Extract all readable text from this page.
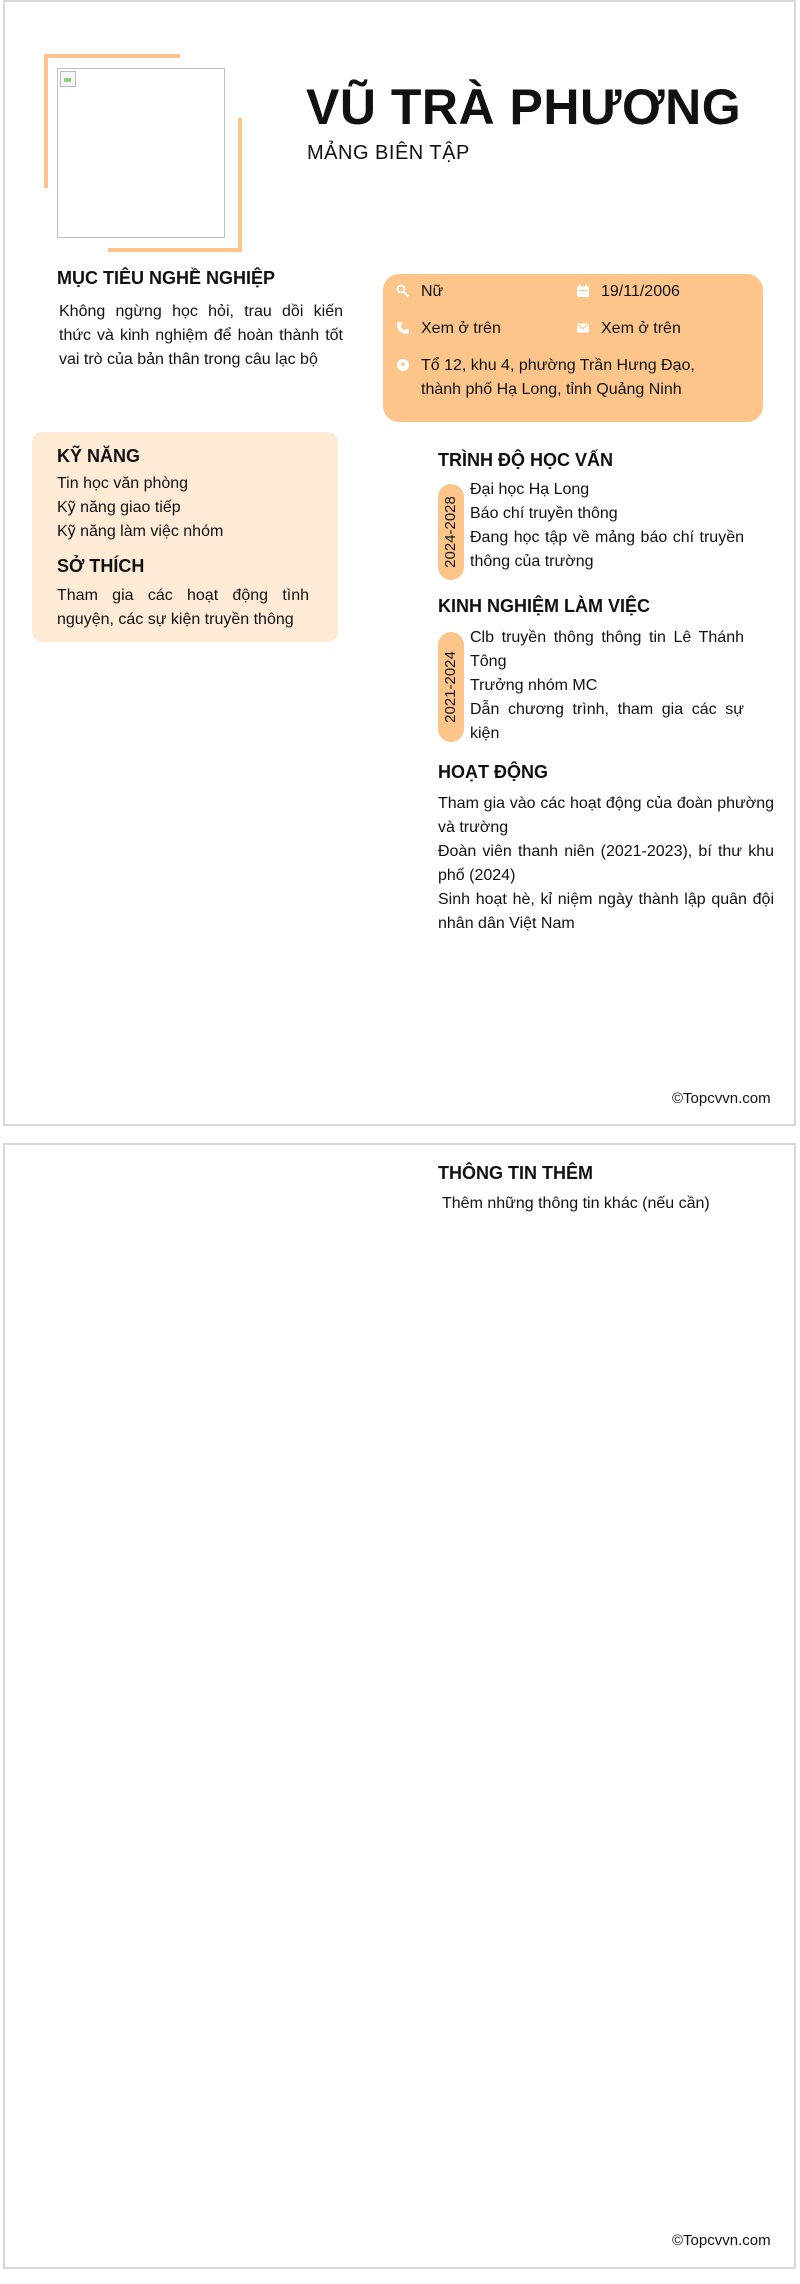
VŨ TRÀ PHƯƠNG
MẢNG BIÊN TẬP
MỤC TIÊU NGHỀ NGHIỆP
Không ngừng học hỏi, trau dồi kiến thức và kinh nghiệm để hoàn thành tốt vai trò của bản thân trong câu lạc bộ
Nữ	19/11/2006
Xem ở trên	Xem ở trên
Tổ 12, khu 4, phường Trần Hưng Đạo, thành phố Hạ Long, tỉnh Quảng Ninh
KỸ NĂNG
Tin học văn phòng
Kỹ năng giao tiếp
Kỹ năng làm việc nhóm
SỞ THÍCH
Tham gia các hoạt động tình nguyện, các sự kiện truyền thông
TRÌNH ĐỘ HỌC VẤN
2024-2028
Đại học Hạ Long
Báo chí truyền thông
Đang học tập về mảng báo chí truyền thông của trường
KINH NGHIỆM LÀM VIỆC
2021-2024
Clb truyền thông thông tin Lê Thánh Tông
Trưởng nhóm MC
Dẫn chương trình, tham gia các sự kiện
HOẠT ĐỘNG
Tham gia vào các hoạt động của đoàn phường và trường
Đoàn viên thanh niên (2021-2023), bí thư khu phố (2024)
Sinh hoạt hè, kỉ niệm ngày thành lập quân đội nhân dân Việt Nam
©Topcvvn.com
THÔNG TIN THÊM
Thêm những thông tin khác (nếu cần)
©Topcvvn.com
